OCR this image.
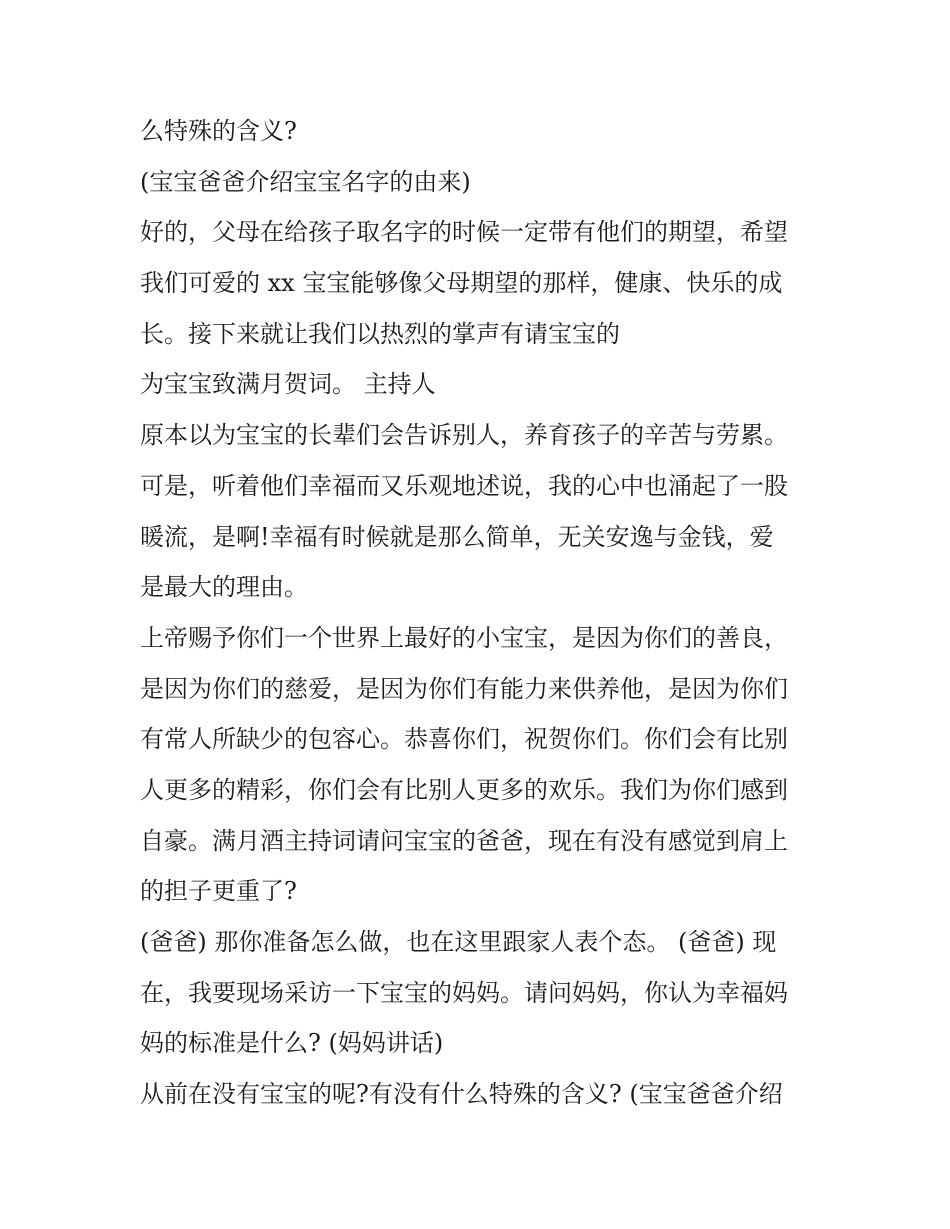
么特殊的含义?
(宝宝爸爸介绍宝宝名字的由来)
好的，父母在给孩子取名字的时候一定带有他们的期望，希望
我们可爱的 xx 宝宝能够像父母期望的那样，健康、快乐的成
长。接下来就让我们以热烈的掌声有请宝宝的
为宝宝致满月贺词。 主持人
原本以为宝宝的长辈们会告诉别人，养育孩子的辛苦与劳累。
可是，听着他们幸福而又乐观地述说，我的心中也涌起了一股
暖流，是啊!幸福有时候就是那么简单，无关安逸与金钱，爱
是最大的理由。
上帝赐予你们一个世界上最好的小宝宝，是因为你们的善良，
是因为你们的慈爱，是因为你们有能力来供养他，是因为你们
有常人所缺少的包容心。恭喜你们，祝贺你们。你们会有比别
人更多的精彩，你们会有比别人更多的欢乐。我们为你们感到
自豪。满月酒主持词请问宝宝的爸爸，现在有没有感觉到肩上
的担子更重了?
(爸爸) 那你准备怎么做，也在这里跟家人表个态。 (爸爸) 现
在，我要现场采访一下宝宝的妈妈。请问妈妈，你认为幸福妈
妈的标准是什么? (妈妈讲话)
从前在没有宝宝的呢?有没有什么特殊的含义? (宝宝爸爸介绍
